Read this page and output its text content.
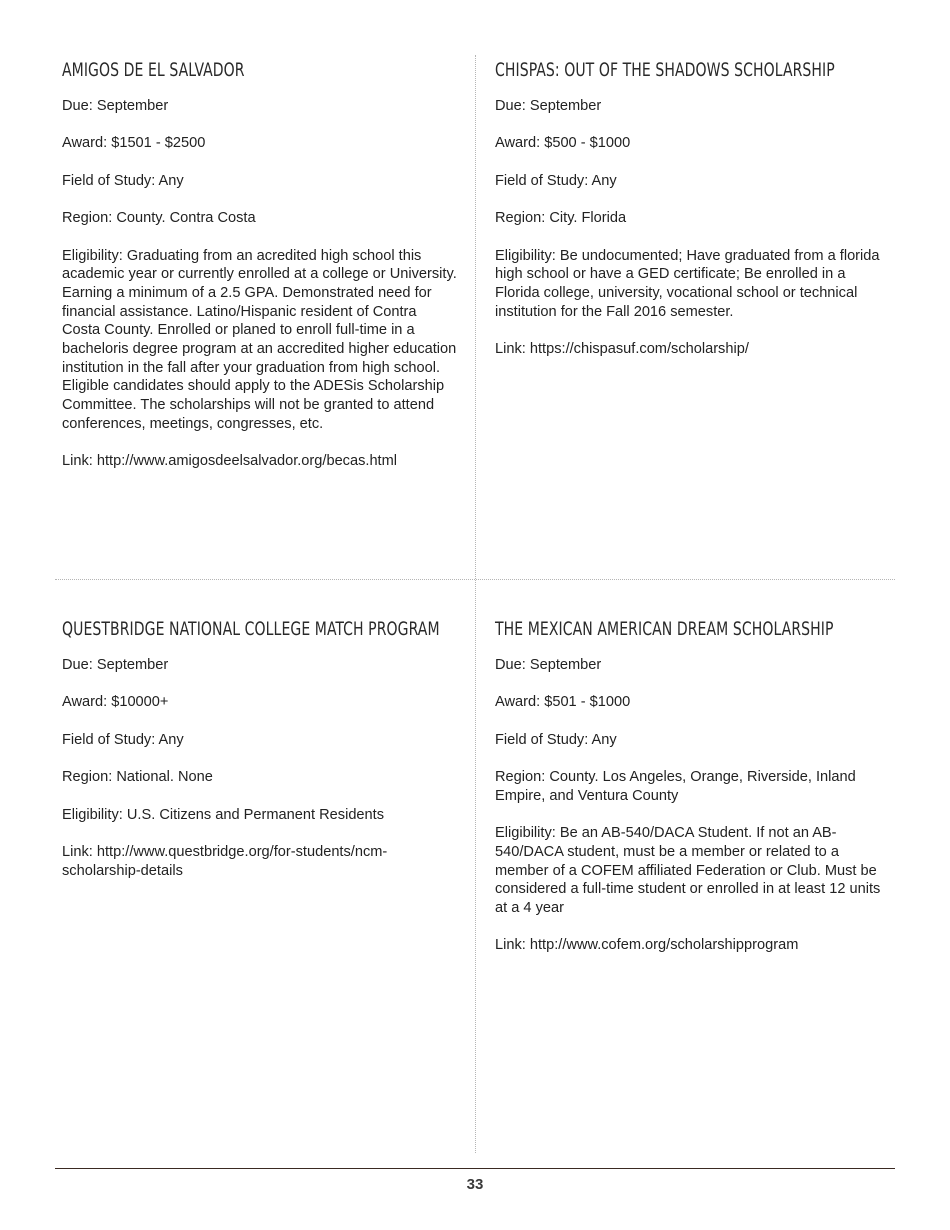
AMIGOS DE EL SALVADOR
Due: September
Award: $1501 - $2500
Field of Study: Any
Region: County. Contra Costa
Eligibility: Graduating from an acredited high school this academic year or currently enrolled at a college or University. Earning a minimum of a 2.5 GPA. Demonstrated need for financial assistance. Latino/Hispanic resident of Contra Costa County. Enrolled or planed to enroll full-time in a bacheloris degree program at an accredited higher education institution in the fall after your graduation from high school. Eligible candidates should apply to the ADESis Scholarship Committee. The scholarships will not be granted to attend conferences, meetings, congresses, etc.
Link: http://www.amigosdeelsalvador.org/becas.html
CHISPAS: OUT OF THE SHADOWS SCHOLARSHIP
Due: September
Award: $500 - $1000
Field of Study: Any
Region: City. Florida
Eligibility: Be undocumented; Have graduated from a florida high school or have a GED certificate; Be enrolled in a Florida college, university, vocational school or technical institution for the Fall 2016 semester.
Link: https://chispasuf.com/scholarship/
QUESTBRIDGE NATIONAL COLLEGE MATCH PROGRAM
Due: September
Award: $10000+
Field of Study: Any
Region: National. None
Eligibility: U.S. Citizens and Permanent Residents
Link: http://www.questbridge.org/for-students/ncm-scholarship-details
THE MEXICAN AMERICAN DREAM SCHOLARSHIP
Due: September
Award: $501 - $1000
Field of Study: Any
Region: County. Los Angeles, Orange, Riverside, Inland Empire, and Ventura County
Eligibility: Be an AB-540/DACA Student. If not an AB-540/DACA student, must be a member or related to a member of a COFEM affiliated Federation or Club. Must be considered a full-time student or enrolled in at least 12 units at a 4 year
Link: http://www.cofem.org/scholarshipprogram
33
